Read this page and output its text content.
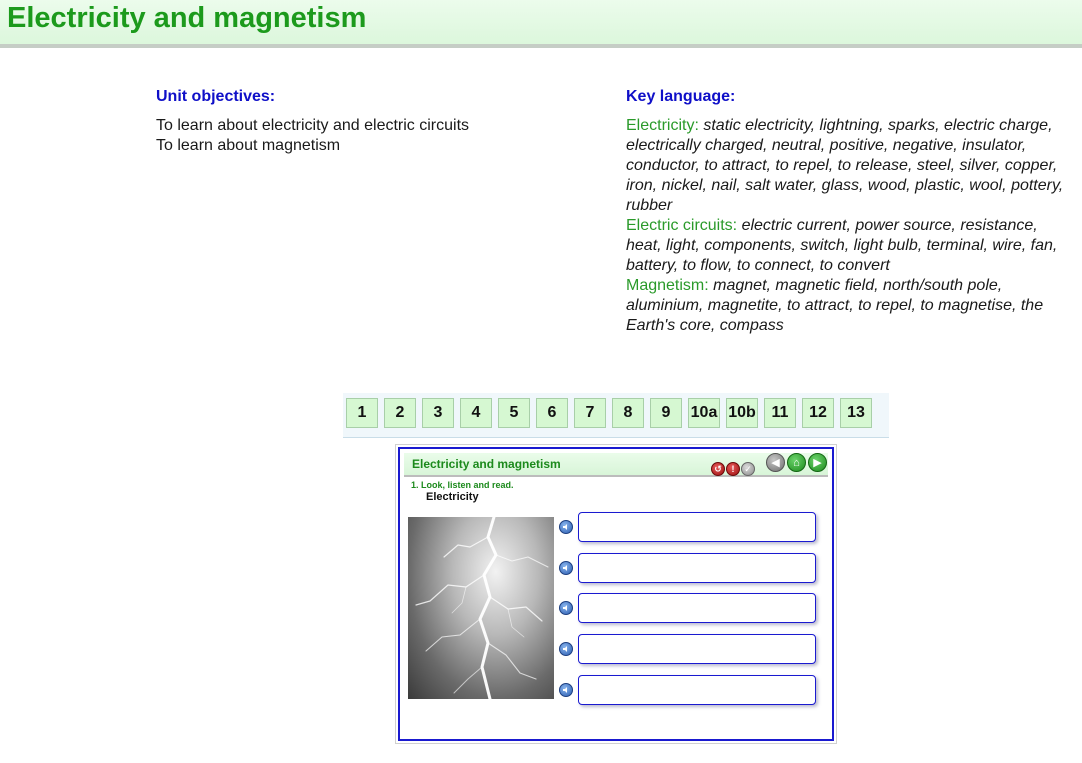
Electricity and magnetism
Unit objectives:
To learn about electricity and electric circuits
To learn about magnetism
Key language:
Electricity: static electricity, lightning, sparks, electric charge, electrically charged, neutral, positive, negative, insulator, conductor, to attract, to repel, to release, steel, silver, copper, iron, nickel, nail, salt water, glass, wood, plastic, wool, pottery, rubber
Electric circuits: electric current, power source, resistance, heat, light, components, switch, light bulb, terminal, wire, fan, battery, to flow, to connect, to convert
Magnetism: magnet, magnetic field, north/south pole, aluminium, magnetite, to attract, to repel, to magnetise, the Earth's core, compass
1	2	3	4	5	6	7	8	9	10a 10b 11	12	13
Electricity and magnetism	↺	!	✓	◀	⌂	▶
1. Look, listen and read.
Electricity
